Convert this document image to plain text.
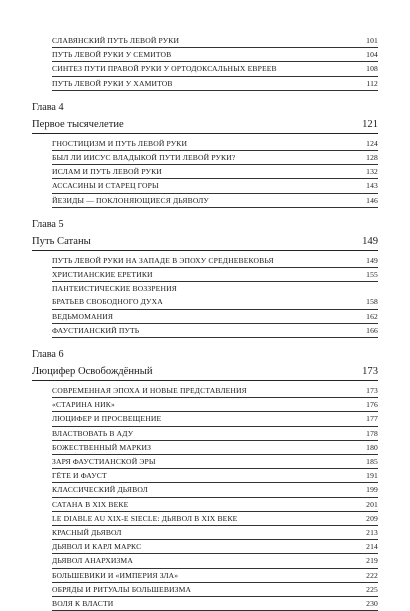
СЛАВЯНСКИЙ ПУТЬ ЛЕВОЙ РУКИ	101
ПУТЬ ЛЕВОЙ РУКИ У СЕМИТОВ	104
СИНТЕЗ ПУТИ ПРАВОЙ РУКИ У ОРТОДОКСАЛЬНЫХ ЕВРЕЕВ	108
ПУТЬ ЛЕВОЙ РУКИ У ХАМИТОВ	112
Глава 4
Первое тысячелетие	121
ГНОСТИЦИЗМ И ПУТЬ ЛЕВОЙ РУКИ	124
БЫЛ ЛИ ИИСУС ВЛАДЫКОЙ ПУТИ ЛЕВОЙ РУКИ?	128
ИСЛАМ И ПУТЬ ЛЕВОЙ РУКИ	132
АССАСИНЫ И СТАРЕЦ ГОРЫ	143
ЙЕЗИДЫ — ПОКЛОНЯЮЩИЕСЯ ДЬЯВОЛУ	146
Глава 5
Путь Сатаны	149
ПУТЬ ЛЕВОЙ РУКИ НА ЗАПАДЕ В ЭПОХУ СРЕДНЕВЕКОВЬЯ	149
ХРИСТИАНСКИЕ ЕРЕТИКИ	155
ПАНТЕИСТИЧЕСКИЕ ВОЗЗРЕНИЯ
БРАТЬЕВ СВОБОДНОГО ДУХА	158
ВЕДЬМОМАНИЯ	162
ФАУСТИАНСКИЙ ПУТЬ	166
Глава 6
Люцифер Освобождённый	173
СОВРЕМЕННАЯ ЭПОХА И НОВЫЕ ПРЕДСТАВЛЕНИЯ	173
«СТАРИНА НИК»	176
ЛЮЦИФЕР И ПРОСВЕЩЕНИЕ	177
ВЛАСТВОВАТЬ В АДУ	178
БОЖЕСТВЕННЫЙ МАРКИЗ	180
ЗАРЯ ФАУСТИАНСКОЙ ЭРЫ	185
ГЁТЕ И ФАУСТ	191
КЛАССИЧЕСКИЙ ДЬЯВОЛ	199
САТАНА В XIX ВЕКЕ	201
LE DIABLE AU XIX-E SIECLE: ДЬЯВОЛ В XIX ВЕКЕ	209
КРАСНЫЙ ДЬЯВОЛ	213
ДЬЯВОЛ И КАРЛ МАРКС	214
ДЬЯВОЛ АНАРХИЗМА	219
БОЛЬШЕВИКИ И «ИМПЕРИЯ ЗЛА»	222
ОБРЯДЫ И РИТУАЛЫ БОЛЬШЕВИЗМА	225
ВОЛЯ К ВЛАСТИ	230
